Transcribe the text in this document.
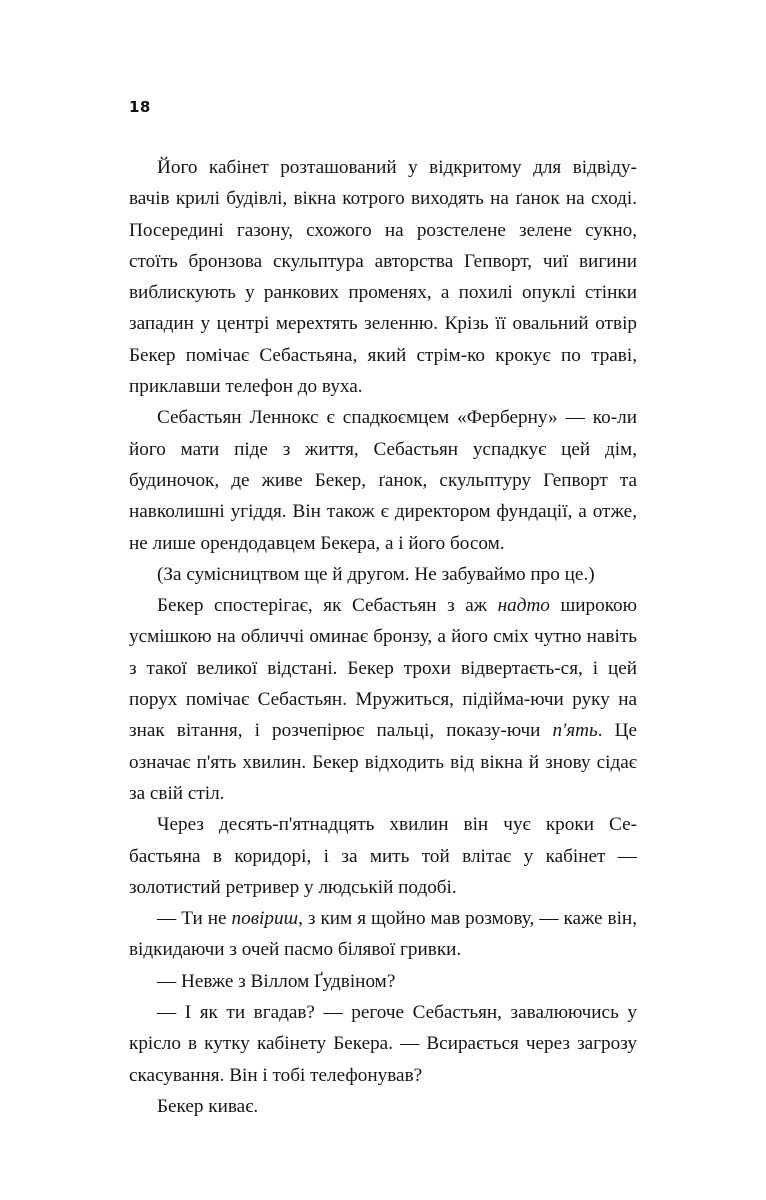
18

Його кабінет розташований у відкритому для відвіду-вачів крилі будівлі, вікна котрого виходять на ґанок на сході. Посередині газону, схожого на розстелене зелене сукно, стоїть бронзова скульптура авторства Гепворт, чиї вигини виблискують у ранкових променях, а похилі опуклі стінки западин у центрі мерехтять зеленню. Крізь її овальний отвір Бекер помічає Себастьяна, який стрім-ко крокує по траві, приклавши телефон до вуха.

Себастьян Леннокс є спадкоємцем «Ферберну» — ко-ли його мати піде з життя, Себастьян успадкує цей дім, будиночок, де живе Бекер, ґанок, скульптуру Гепворт та навколишні угіддя. Він також є директором фундації, а отже, не лише орендодавцем Бекера, а і його босом.

(За сумісництвом ще й другом. Не забуваймо про це.)

Бекер спостерігає, як Себастьян з аж надто широкою усмішкою на обличчі оминає бронзу, а його сміх чутно навіть з такої великої відстані. Бекер трохи відвертаєть-ся, і цей порух помічає Себастьян. Мружиться, підійма-ючи руку на знак вітання, і розчепірює пальці, показу-ючи п'ять. Це означає п'ять хвилин. Бекер відходить від вікна й знову сідає за свій стіл.

Через десять-п'ятнадцять хвилин він чує кроки Се-бастьяна в коридорі, і за мить той влітає у кабінет — золотистий ретривер у людській подобі.

— Ти не повіриш, з ким я щойно мав розмову, — каже він, відкидаючи з очей пасмо білявої гривки.

— Невже з Віллом Ґудвіном?

— І як ти вгадав? — регоче Себастьян, завалюючись у крісло в кутку кабінету Бекера. — Всирається через загрозу скасування. Він і тобі телефонував?

Бекер киває.
